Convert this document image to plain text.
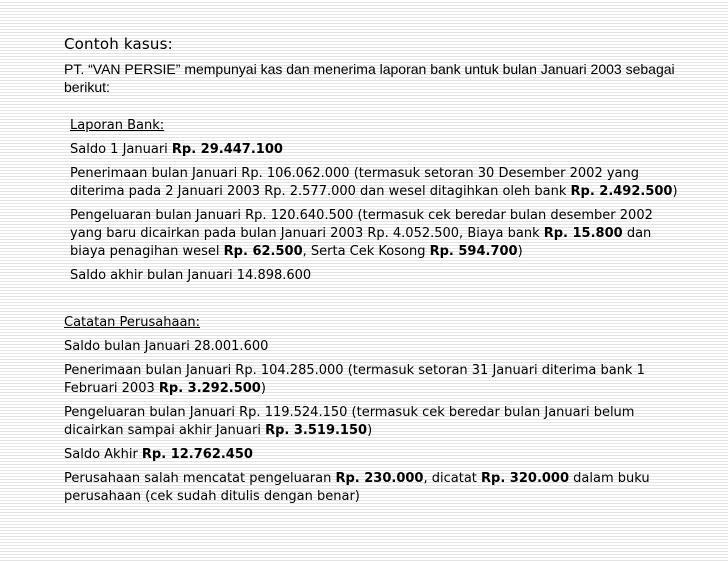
Contoh kasus:
PT. “VAN PERSIE” mempunyai kas dan menerima laporan bank untuk bulan Januari 2003 sebagai berikut:

Laporan Bank:

Saldo 1 Januari Rp. 29.447.100

Penerimaan bulan Januari Rp. 106.062.000 (termasuk setoran 30 Desember 2002 yang diterima pada 2 Januari 2003 Rp. 2.577.000 dan wesel ditagihkan oleh bank Rp. 2.492.500)

Pengeluaran bulan Januari Rp. 120.640.500 (termasuk cek beredar bulan desember 2002 yang baru dicairkan pada bulan Januari 2003 Rp. 4.052.500, Biaya bank Rp. 15.800 dan biaya penagihan wesel Rp. 62.500, Serta Cek Kosong Rp. 594.700)

Saldo akhir bulan Januari 14.898.600

Catatan Perusahaan:

Saldo bulan Januari 28.001.600

Penerimaan bulan Januari Rp. 104.285.000 (termasuk setoran 31 Januari diterima bank 1 Februari 2003 Rp. 3.292.500)

Pengeluaran bulan Januari Rp. 119.524.150 (termasuk cek beredar bulan Januari belum dicairkan sampai akhir Januari Rp. 3.519.150)

Saldo Akhir Rp. 12.762.450

Perusahaan salah mencatat pengeluaran Rp. 230.000, dicatat Rp. 320.000 dalam buku perusahaan (cek sudah ditulis dengan benar)
